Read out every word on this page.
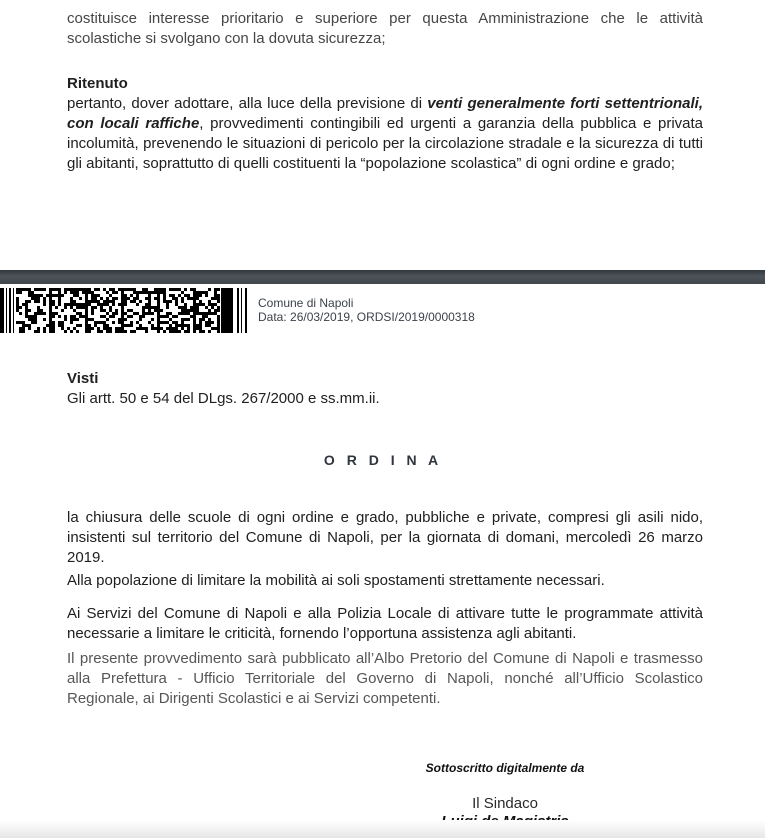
costituisce interesse prioritario e superiore per questa Amministrazione che le attività scolastiche si svolgano con la dovuta sicurezza;

Ritenuto

pertanto, dover adottare, alla luce della previsione di venti generalmente forti settentrionali, con locali raffiche, provvedimenti contingibili ed urgenti a garanzia della pubblica e privata incolumità, prevenendo le situazioni di pericolo per la circolazione stradale e la sicurezza di tutti gli abitanti, soprattutto di quelli costituenti la “popolazione scolastica” di ogni ordine e grado;

Comune di Napoli
Data: 26/03/2019, ORDSI/2019/0000318
Visti

Gli artt. 50 e 54 del DLgs. 267/2000 e ss.mm.ii.

O R D I N A

la chiusura delle scuole di ogni ordine e grado, pubbliche e private, compresi gli asili nido, insistenti sul territorio del Comune di Napoli, per la giornata di domani, mercoledì 26 marzo 2019.

Alla popolazione di limitare la mobilità ai soli spostamenti strettamente necessari.

Ai Servizi del Comune di Napoli e alla Polizia Locale di attivare tutte le programmate attività necessarie a limitare le criticità, fornendo l’opportuna assistenza agli abitanti.

Il presente provvedimento sarà pubblicato all’Albo Pretorio del Comune di Napoli e trasmesso alla Prefettura - Ufficio Territoriale del Governo di Napoli, nonché all’Ufficio Scolastico Regionale, ai Dirigenti Scolastici e ai Servizi competenti.

Sottoscritto digitalmente da
Il Sindaco
